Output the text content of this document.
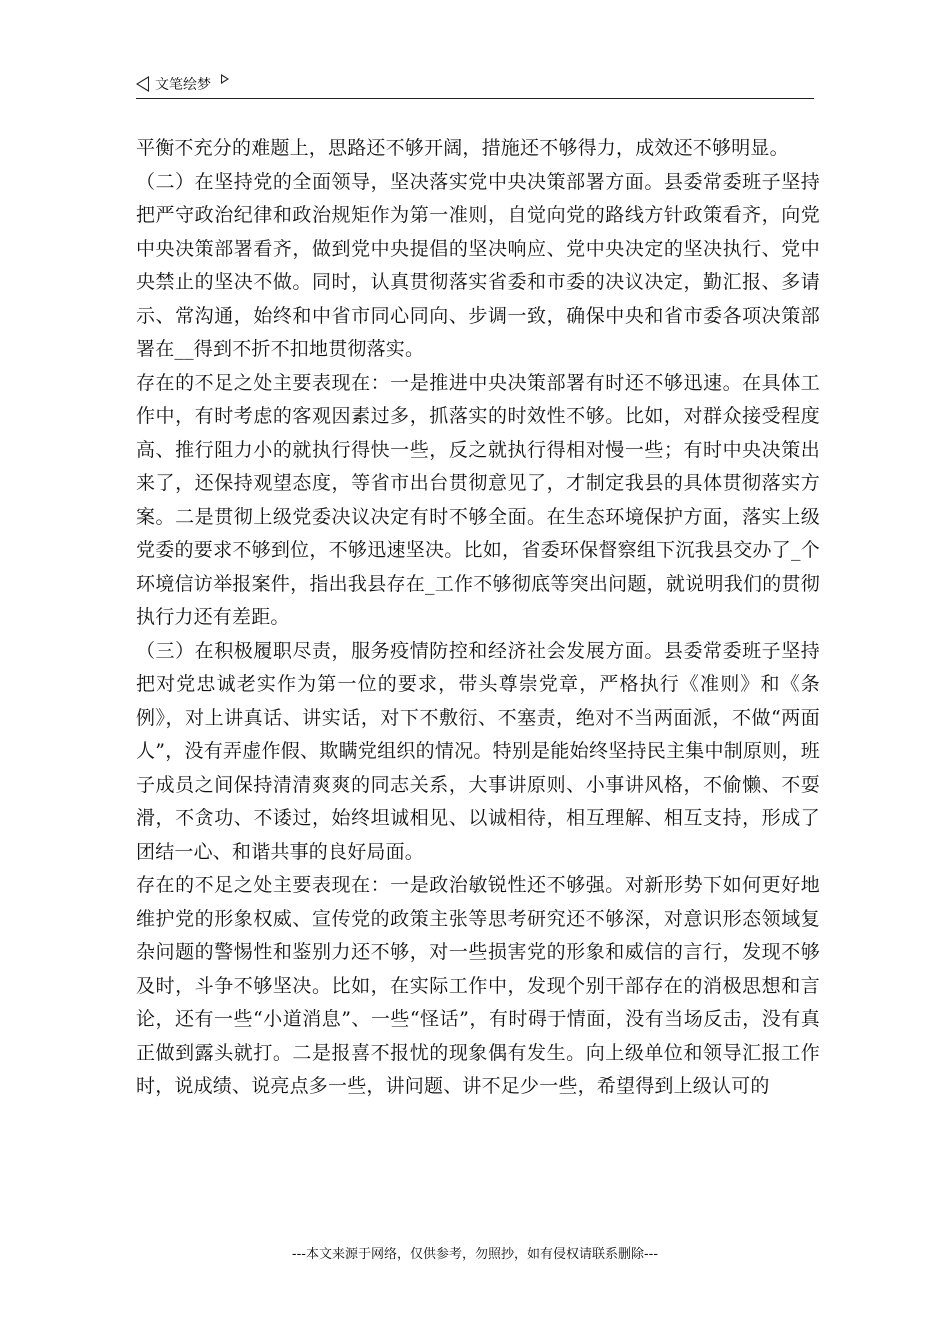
文笔绘梦

平衡不充分的难题上，思路还不够开阔，措施还不够得力，成效还不够明显。

（二）在坚持党的全面领导，坚决落实党中央决策部署方面。县委常委班子坚持把严守政治纪律和政治规矩作为第一准则，自觉向党的路线方针政策看齐，向党中央决策部署看齐，做到党中央提倡的坚决响应、党中央决定的坚决执行、党中央禁止的坚决不做。同时，认真贯彻落实省委和市委的决议决定，勤汇报、多请示、常沟通，始终和中省市同心同向、步调一致，确保中央和省市委各项决策部署在__得到不折不扣地贯彻落实。

存在的不足之处主要表现在：一是推进中央决策部署有时还不够迅速。在具体工作中，有时考虑的客观因素过多，抓落实的时效性不够。比如，对群众接受程度高、推行阻力小的就执行得快一些，反之就执行得相对慢一些；有时中央决策出来了，还保持观望态度，等省市出台贯彻意见了，才制定我县的具体贯彻落实方案。二是贯彻上级党委决议决定有时不够全面。在生态环境保护方面，落实上级党委的要求不够到位，不够迅速坚决。比如，省委环保督察组下沉我县交办了_个环境信访举报案件，指出我县存在_工作不够彻底等突出问题，就说明我们的贯彻执行力还有差距。

（三）在积极履职尽责，服务疫情防控和经济社会发展方面。县委常委班子坚持把对党忠诚老实作为第一位的要求，带头尊崇党章，严格执行《准则》和《条例》，对上讲真话、讲实话，对下不敷衍、不塞责，绝对不当两面派，不做“两面人”，没有弄虚作假、欺瞒党组织的情况。特别是能始终坚持民主集中制原则，班子成员之间保持清清爽爽的同志关系，大事讲原则、小事讲风格，不偷懒、不耍滑，不贪功、不诿过，始终坦诚相见、以诚相待，相互理解、相互支持，形成了团结一心、和谐共事的良好局面。

存在的不足之处主要表现在：一是政治敏锐性还不够强。对新形势下如何更好地维护党的形象权威、宣传党的政策主张等思考研究还不够深，对意识形态领域复杂问题的警惕性和鉴别力还不够，对一些损害党的形象和威信的言行，发现不够及时，斗争不够坚决。比如，在实际工作中，发现个别干部存在的消极思想和言论，还有一些“小道消息”、一些“怪话”，有时碍于情面，没有当场反击，没有真正做到露头就打。二是报喜不报忧的现象偶有发生。向上级单位和领导汇报工作时，说成绩、说亮点多一些，讲问题、讲不足少一些，希望得到上级认可的

---本文来源于网络，仅供参考，勿照抄，如有侵权请联系删除---
